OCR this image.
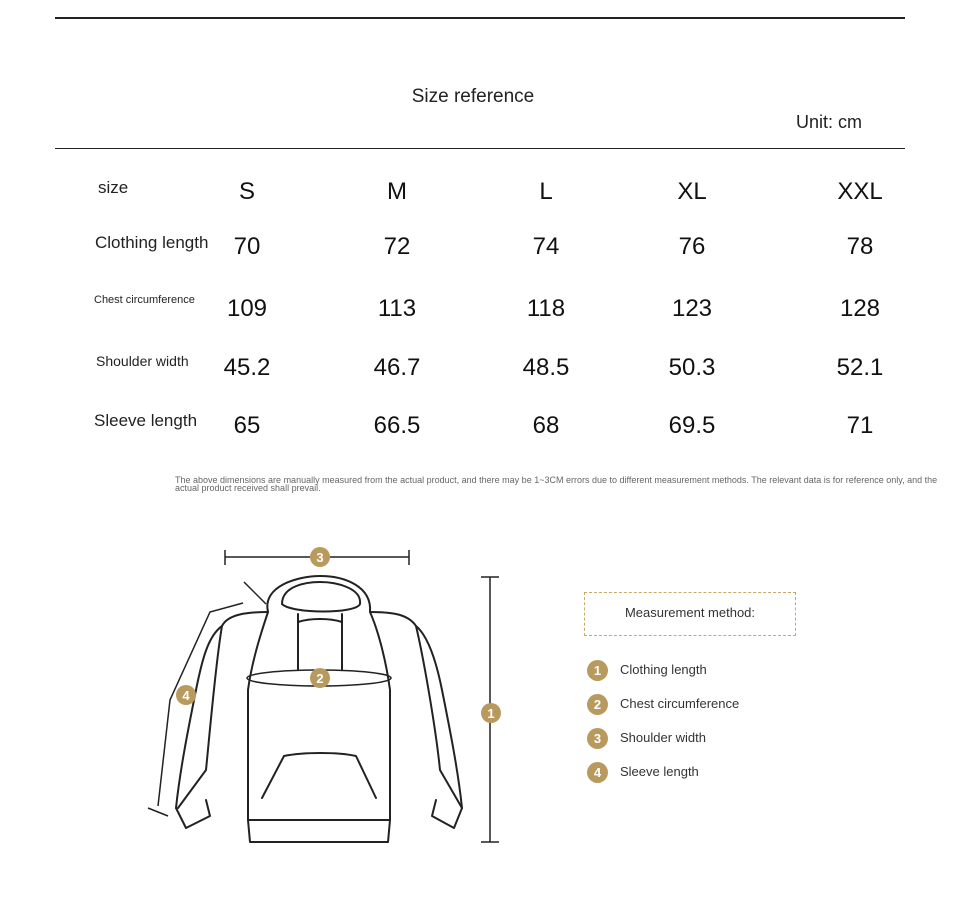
Size reference
Unit: cm
size	S	M	L	XL	XXL
Clothing length	70	72	74	76	78
Chest circumference	109	113	118	123	128
Shoulder width	45.2	46.7	48.5	50.3	52.1
Sleeve length	65	66.5	68	69.5	71
The above dimensions are manually measured from the actual product, and there may be 1~3CM errors due to different measurement methods. The relevant data is for reference only, and the actual product received shall prevail.
3
2
1
4
Measurement method:
1	Clothing length
2	Chest circumference
3	Shoulder width
4	Sleeve length
